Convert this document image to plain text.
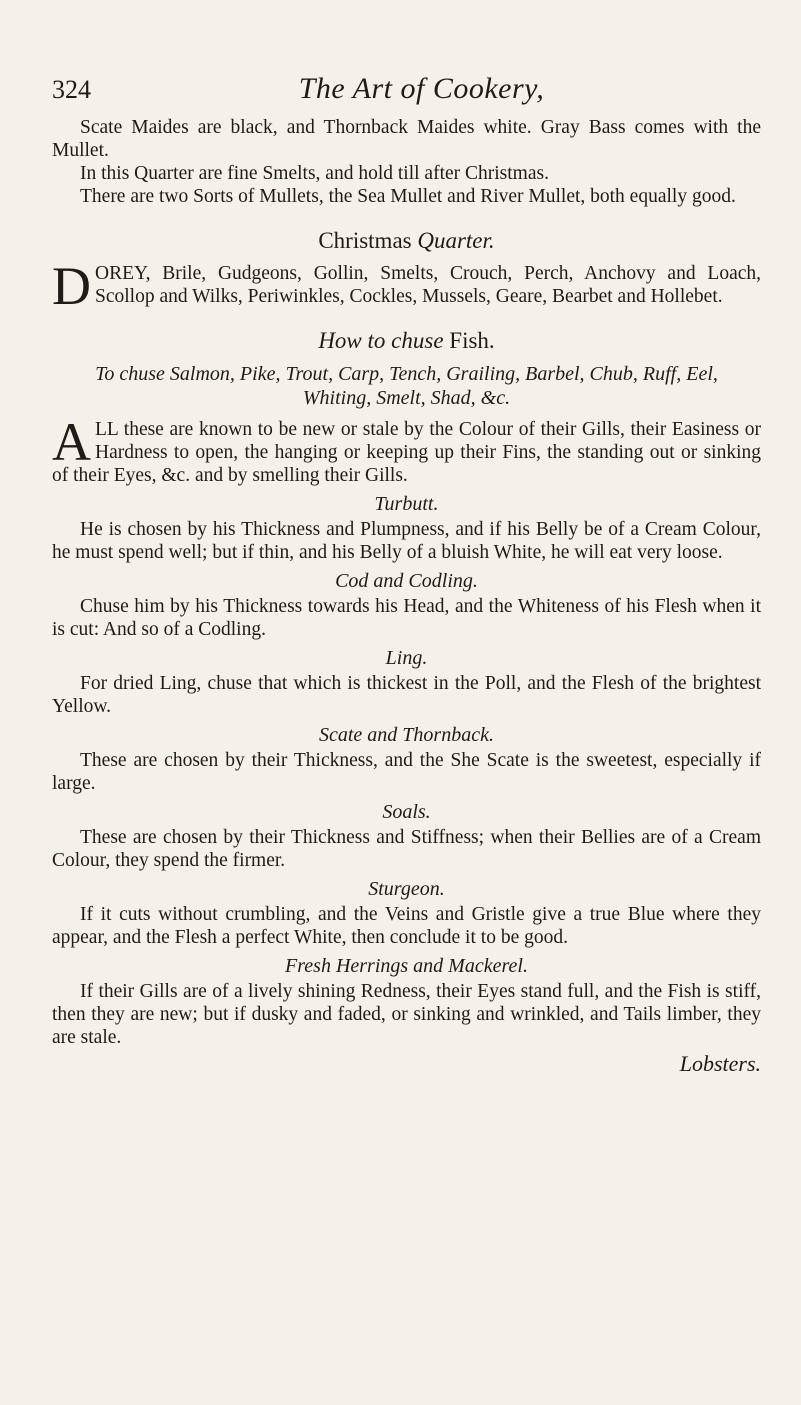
324	The Art of Cookery,

Scate Maides are black, and Thornback Maides white. Gray Bass comes with the Mullet.

In this Quarter are fine Smelts, and hold till after Christmas.

There are two Sorts of Mullets, the Sea Mullet and River Mullet, both equally good.

Christmas Quarter.

DOREY, Brile, Gudgeons, Gollin, Smelts, Crouch, Perch, Anchovy and Loach, Scollop and Wilks, Periwinkles, Cockles, Mussels, Geare, Bearbet and Hollebet.

How to chuse Fish.
To chuse Salmon, Pike, Trout, Carp, Tench, Grailing, Barbel, Chub, Ruff, Eel, Whiting, Smelt, Shad, &c.

ALL these are known to be new or stale by the Colour of their Gills, their Easiness or Hardness to open, the hanging or keeping up their Fins, the standing out or sinking of their Eyes, &c. and by smelling their Gills.

Turbutt.

He is chosen by his Thickness and Plumpness, and if his Belly be of a Cream Colour, he must spend well; but if thin, and his Belly of a bluish White, he will eat very loose.

Cod and Codling.

Chuse him by his Thickness towards his Head, and the Whiteness of his Flesh when it is cut: And so of a Codling.

Ling.

For dried Ling, chuse that which is thickest in the Poll, and the Flesh of the brightest Yellow.

Scate and Thornback.

These are chosen by their Thickness, and the She Scate is the sweetest, especially if large.

Soals.

These are chosen by their Thickness and Stiffness; when their Bellies are of a Cream Colour, they spend the firmer.

Sturgeon.

If it cuts without crumbling, and the Veins and Gristle give a true Blue where they appear, and the Flesh a perfect White, then conclude it to be good.

Fresh Herrings and Mackerel.

If their Gills are of a lively shining Redness, their Eyes stand full, and the Fish is stiff, then they are new; but if dusky and faded, or sinking and wrinkled, and Tails limber, they are stale.

Lobsters.
